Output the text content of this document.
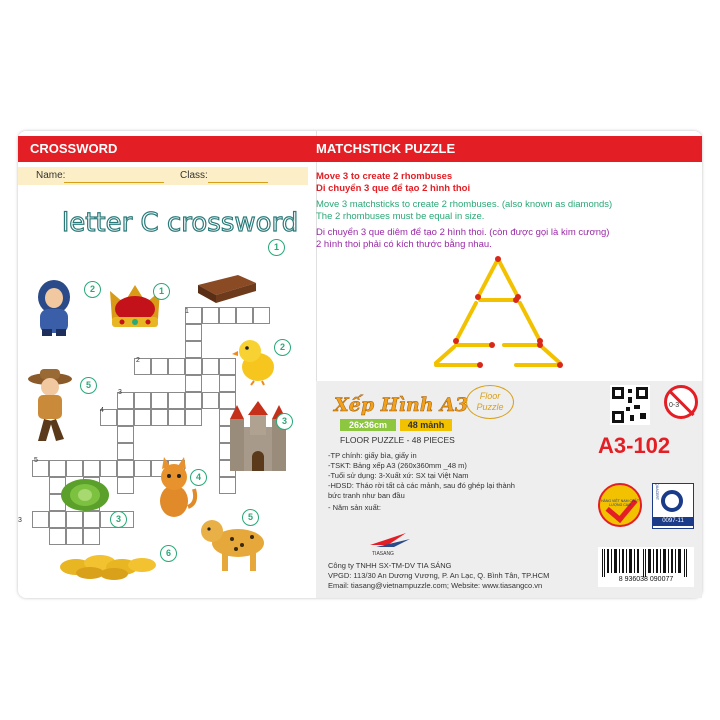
CROSSWORD
Name:	Class:
letter C crossword
1
2
3
4
5
3
2	1
1
2
5
3
4
3	5
6
MATCHSTICK PUZZLE
Move 3 to create 2 rhombuses
Di chuyển 3 que để tạo 2 hình thoi
Move 3 matchsticks to create 2 rhombuses. (also known as diamonds)
The 2 rhombuses must be equal in size.
Di chuyển 3 que diêm để tạo 2 hình thoi. (còn được gọi là kim cương)
2 hình thoi phải có kích thước bằng nhau.
Xếp Hình A3	Floor Puzzle
26x36cm	48 mảnh
FLOOR PUZZLE - 48 PIECES
-TP chính: giấy bìa, giấy in
-TSKT: Bảng xếp A3 (260x360mm _48 m)
-Tuổi sử dụng: 3-Xuất xứ: SX tại Việt Nam
-HDSD: Tháo rời tất cả các mảnh, sau đó ghép lại thành
bức tranh như ban đầu
- Năm sản xuất:
TIASANG
Công ty TNHH SX-TM-DV TIA SÁNG
VPGD: 113/30 An Dương Vương, P. An Lạc, Q. Bình Tân, TP.HCM
Email: tiasang@vietnampuzzle.com; Website: www.tiasangco.vn
0-3
A3-102
HÀNG VIỆT NAM CHẤT LƯỢNG CAO
QUACERT
0097-11
8 936038 090077
